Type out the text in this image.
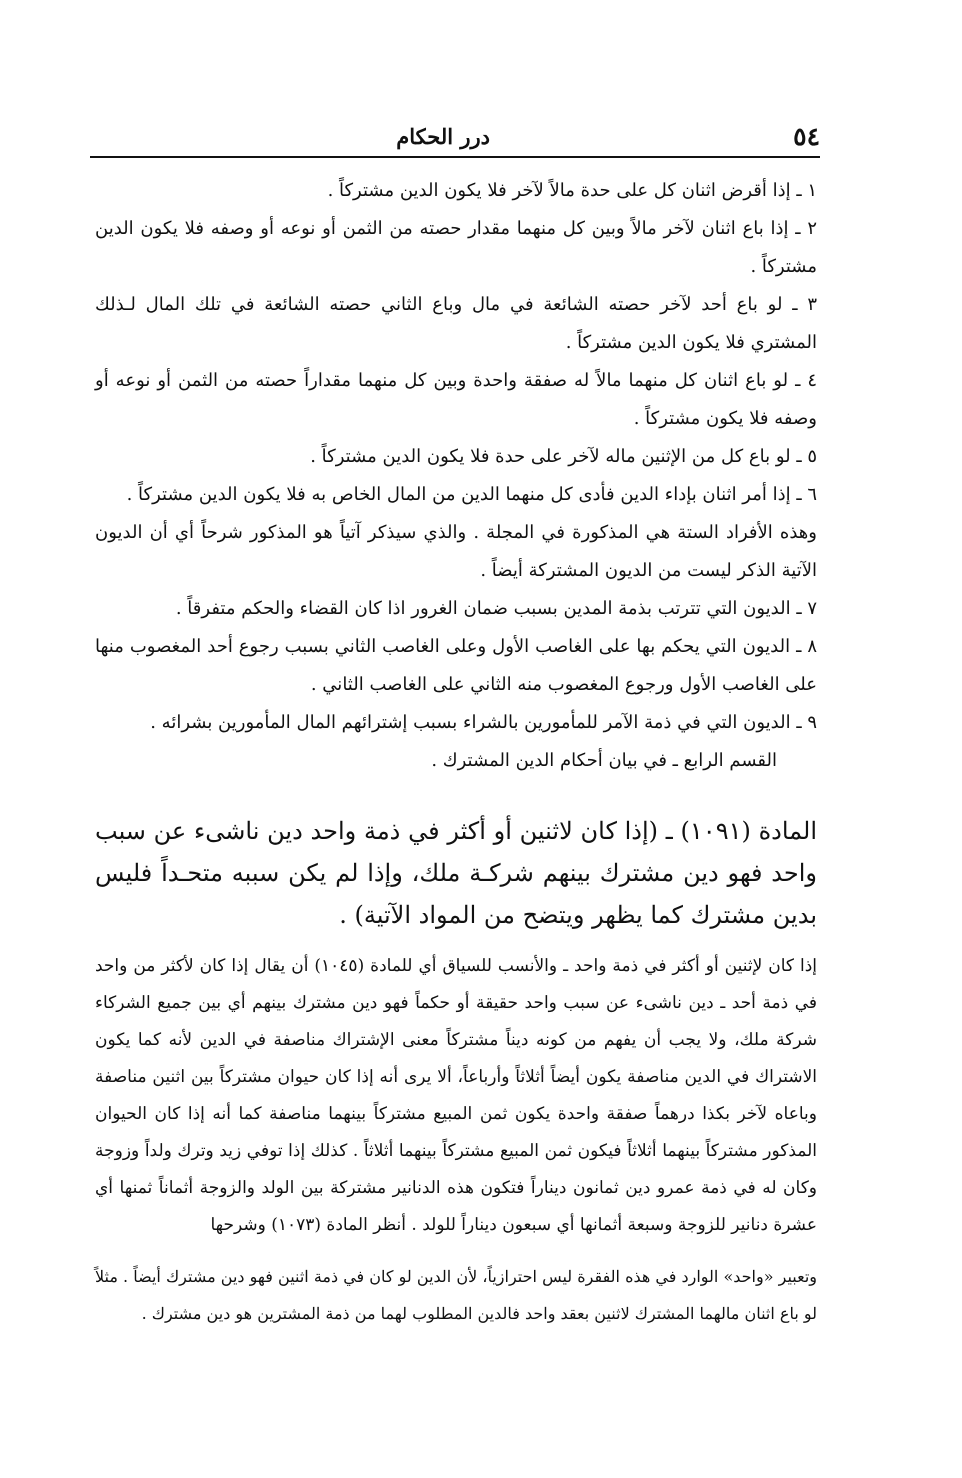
٥٤
درر الحكام

١ ـ إذا أقرض اثنان كل على حدة مالاً لآخر فلا يكون الدين مشتركاً .

٢ ـ إذا باع اثنان لآخر مالاً وبين كل منهما مقدار حصته من الثمن أو نوعه أو وصفه فلا يكون الدين مشتركاً .

٣ ـ لو باع أحد لآخر حصته الشائعة في مال وباع الثاني حصته الشائعة في تلك المال لـذلك المشتري فلا يكون الدين مشتركاً .

٤ ـ لو باع اثنان كل منهما مالاً له صفقة واحدة وبين كل منهما مقداراً حصته من الثمن أو نوعه أو وصفه فلا يكون مشتركاً .

٥ ـ لو باع كل من الإثنين ماله لآخر على حدة فلا يكون الدين مشتركاً .

٦ ـ إذا أمر اثنان بإداء الدين فأدى كل منهما الدين من المال الخاص به فلا يكون الدين مشتركاً .

وهذه الأفراد الستة هي المذكورة في المجلة . والذي سيذكر آتياً هو المذكور شرحاً أي أن الديون الآتية الذكر ليست من الديون المشتركة أيضاً .

٧ ـ الديون التي تترتب بذمة المدين بسبب ضمان الغرور اذا كان القضاء والحكم متفرقاً .

٨ ـ الديون التي يحكم بها على الغاصب الأول وعلى الغاصب الثاني بسبب رجوع أحد المغصوب منها على الغاصب الأول ورجوع المغصوب منه الثاني على الغاصب الثاني .

٩ ـ الديون التي في ذمة الآمر للمأمورين بالشراء بسبب إشترائهم المال المأمورين بشرائه .

القسم الرابع ـ في بيان أحكام الدين المشترك .

المادة (١٠٩١) ـ (إذا كان لاثنين أو أكثر في ذمة واحد دين ناشىء عن سبب واحد فهو دين مشترك بينهم شركـة ملك، وإذا لم يكن سببه متحـداً فليس بدين مشترك كما يظهر ويتضح من المواد الآتية) .

إذا كان لإثنين أو أكثر في ذمة واحد ـ والأنسب للسياق أي للمادة (١٠٤٥) أن يقال إذا كان لأكثر من واحد في ذمة أحد ـ دين ناشىء عن سبب واحد حقيقة أو حكماً فهو دين مشترك بينهم أي بين جميع الشركاء شركة ملك، ولا يجب أن يفهم من كونه ديناً مشتركاً معنى الإشتراك مناصفة في الدين لأنه كما يكون الاشتراك في الدين مناصفة يكون أيضاً أثلاثاً وأرباعاً، ألا يرى أنه إذا كان حيوان مشتركاً بين اثنين مناصفة وباعاه لآخر بكذا درهماً صفقة واحدة يكون ثمن المبيع مشتركاً بينهما مناصفة كما أنه إذا كان الحيوان المذكور مشتركاً بينهما أثلاثاً فيكون ثمن المبيع مشتركاً بينهما أثلاثاً . كذلك إذا توفي زيد وترك ولداً وزوجة وكان له في ذمة عمرو دين ثمانون ديناراً فتكون هذه الدنانير مشتركة بين الولد والزوجة أثماناً ثمنها أي عشرة دنانير للزوجة وسبعة أثمانها أي سبعون ديناراً للولد . أنظر المادة (١٠٧٣) وشرحها

وتعبير «واحد» الوارد في هذه الفقرة ليس احترازياً، لأن الدين لو كان في ذمة اثنين فهو دين مشترك أيضاً . مثلاً لو باع اثنان مالهما المشترك لاثنين بعقد واحد فالدين المطلوب لهما من ذمة المشترين هو دين مشترك .
